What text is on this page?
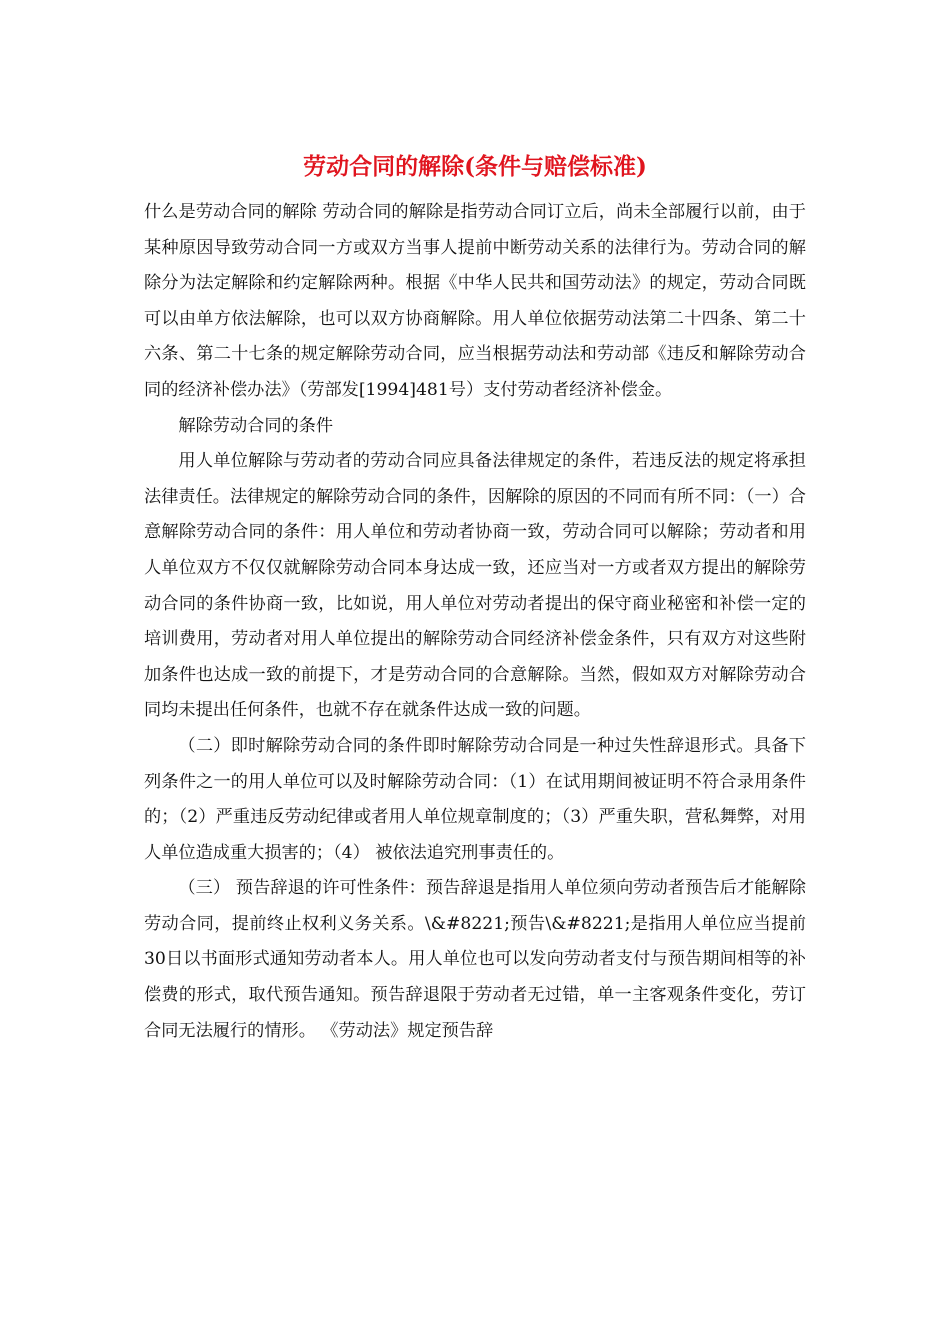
劳动合同的解除(条件与赔偿标准)

什么是劳动合同的解除 劳动合同的解除是指劳动合同订立后，尚未全部履行以前，由于某种原因导致劳动合同一方或双方当事人提前中断劳动关系的法律行为。劳动合同的解除分为法定解除和约定解除两种。根据《中华人民共和国劳动法》的规定，劳动合同既可以由单方依法解除，也可以双方协商解除。用人单位依据劳动法第二十四条、第二十六条、第二十七条的规定解除劳动合同，应当根据劳动法和劳动部《违反和解除劳动合同的经济补偿办法》（劳部发[1994]481号）支付劳动者经济补偿金。

解除劳动合同的条件

用人单位解除与劳动者的劳动合同应具备法律规定的条件，若违反法的规定将承担法律责任。法律规定的解除劳动合同的条件，因解除的原因的不同而有所不同：（一）合意解除劳动合同的条件：用人单位和劳动者协商一致，劳动合同可以解除；劳动者和用人单位双方不仅仅就解除劳动合同本身达成一致，还应当对一方或者双方提出的解除劳动合同的条件协商一致，比如说，用人单位对劳动者提出的保守商业秘密和补偿一定的培训费用，劳动者对用人单位提出的解除劳动合同经济补偿金条件，只有双方对这些附加条件也达成一致的前提下，才是劳动合同的合意解除。当然，假如双方对解除劳动合同均未提出任何条件，也就不存在就条件达成一致的问题。

（二）即时解除劳动合同的条件即时解除劳动合同是一种过失性辞退形式。具备下列条件之一的用人单位可以及时解除劳动合同：（1）在试用期间被证明不符合录用条件的；（2）严重违反劳动纪律或者用人单位规章制度的；（3）严重失职，营私舞弊，对用人单位造成重大损害的；（4） 被依法追究刑事责任的。

（三） 预告辞退的许可性条件：预告辞退是指用人单位须向劳动者预告后才能解除劳动合同，提前终止权利义务关系。\&#8221;预告\&#8221;是指用人单位应当提前30日以书面形式通知劳动者本人。用人单位也可以发向劳动者支付与预告期间相等的补偿费的形式，取代预告通知。预告辞退限于劳动者无过错，单一主客观条件变化，劳订合同无法履行的情形。 《劳动法》规定预告辞
